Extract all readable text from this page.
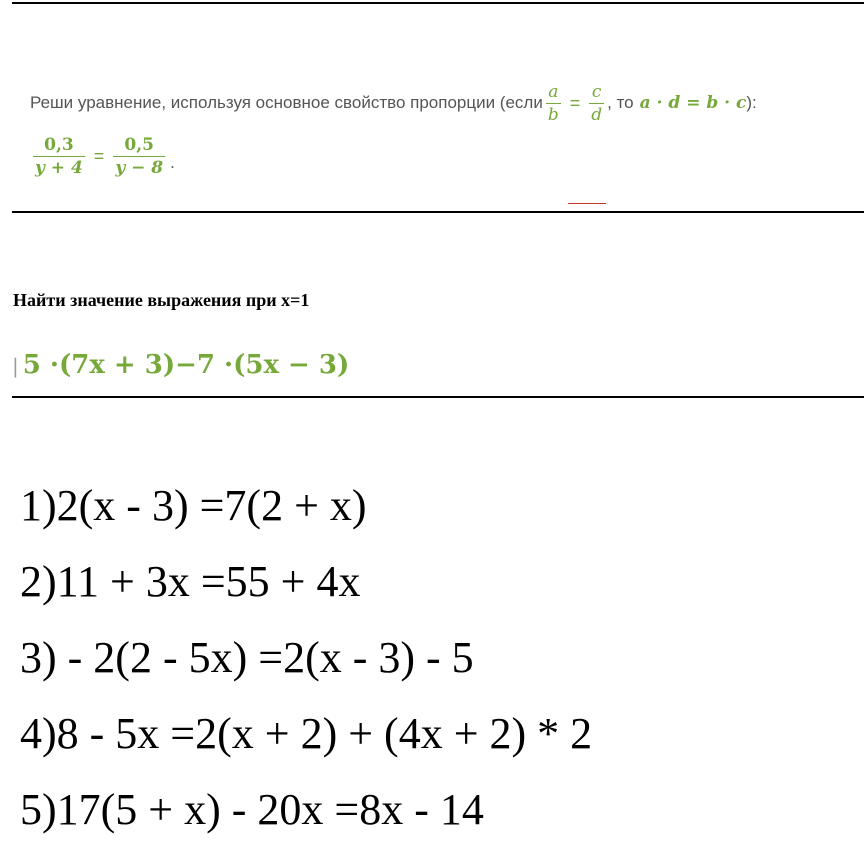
Реши уравнение, используя основное свойство пропорции (если $\frac{a}{b} = \frac{c}{d}$ , то a · d = b · c ):
$\frac{0,3}{y + 4} = \frac{0,5}{y - 8}$ .
Найти значение выражения при x=1
| 5 ·(7x + 3)−7 ·(5x − 3)
1)2(x - 3) =7(2 + x)
2)11 + 3x =55 + 4x
3) - 2(2 - 5x) =2(x - 3) - 5
4)8 - 5x =2(x + 2) + (4x + 2) * 2
5)17(5 + x) - 20x =8x - 14
